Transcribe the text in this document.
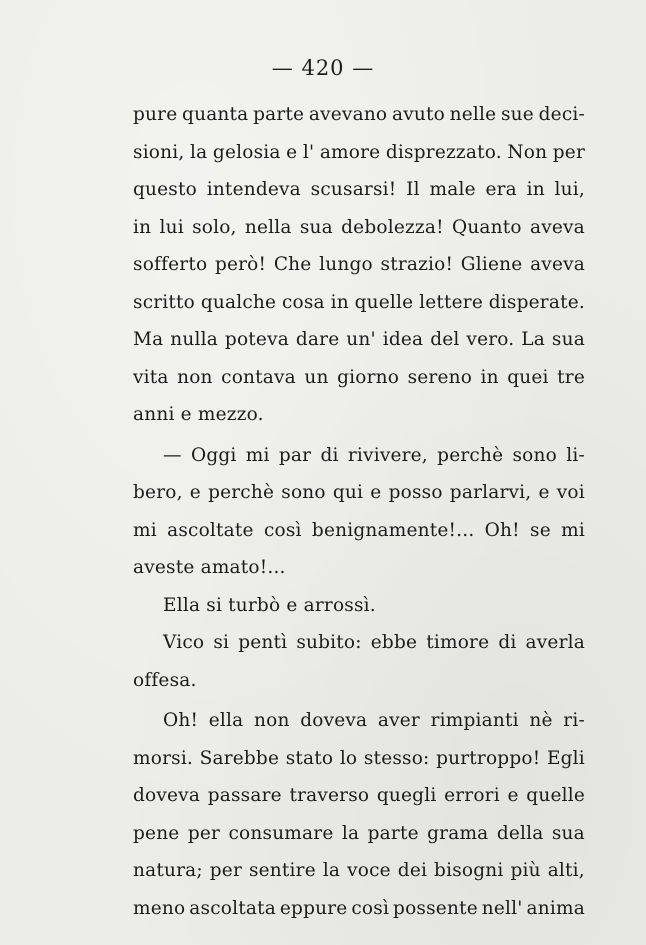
— 420 —
pure quanta parte avevano avuto nelle sue deci-
sioni, la gelosia e l' amore disprezzato. Non per
questo intendeva scusarsi! Il male era in lui,
in lui solo, nella sua debolezza! Quanto aveva
sofferto però! Che lungo strazio! Gliene aveva
scritto qualche cosa in quelle lettere disperate.
Ma nulla poteva dare un' idea del vero. La sua
vita non contava un giorno sereno in quei tre
anni e mezzo.
— Oggi mi par di rivivere, perchè sono li-
bero, e perchè sono qui e posso parlarvi, e voi
mi ascoltate così benignamente!... Oh! se mi
aveste amato!...
Ella si turbò e arrossì.
Vico si pentì subito: ebbe timore di averla
offesa.
Oh! ella non doveva aver rimpianti nè ri-
morsi. Sarebbe stato lo stesso: purtroppo! Egli
doveva passare traverso quegli errori e quelle
pene per consumare la parte grama della sua
natura; per sentire la voce dei bisogni più alti,
meno ascoltata eppure così possente nell' anima
